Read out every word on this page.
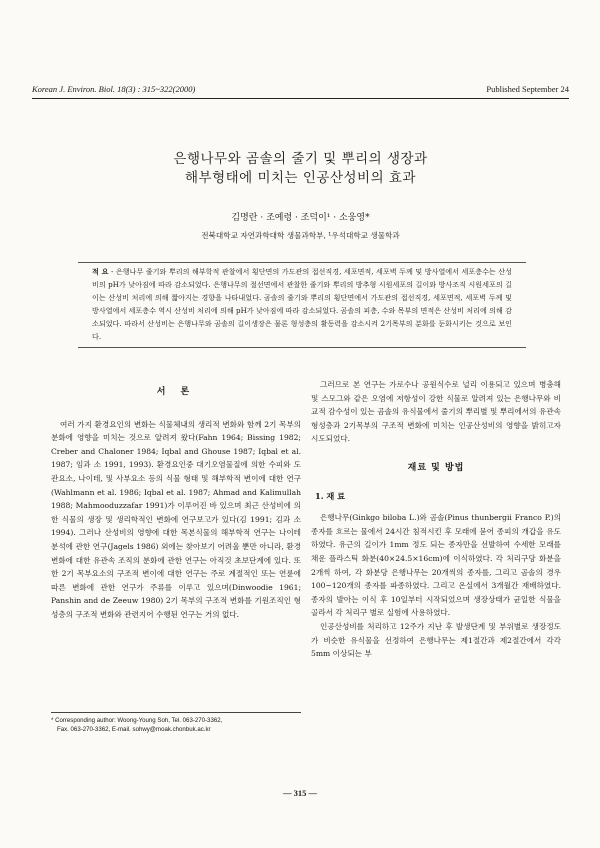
Korean J. Environ. Biol. 18(3) : 315~322(2000)	Published September 24
은행나무와 곰솔의 줄기 및 뿌리의 생장과
해부형태에 미치는 인공산성비의 효과
김명란 · 조예령 · 조덕이¹ · 소웅영*
전북대학교 자연과학대학 생물과학부, ¹우석대학교 생물학과
적 요 - 은행나무 줄기와 뿌리의 해부학적 관찰에서 횡단면의 가도관의 접선직경, 세포면적, 세포벽 두께 및 방사열에서 세포층수는 산성비의 pH가 낮아짐에 따라 감소되었다. 은행나무의 절선면에서 관찰한 줄기와 뿌리의 방추형 시원세포의 길이와 방사조직 시원세포의 길이는 산성비 처리에 의해 짧아지는 경향을 나타내었다. 곰솔의 줄기와 뿌리의 횡단면에서 가도관의 접선직경, 세포면적, 세포벽 두께 및 방사열에서 세포층수 역시 산성비 처리에 의해 pH가 낮아짐에 따라 감소되었다. 곰솔의 피층, 수와 목부의 면적은 산성비 처리에 의해 감소되었다. 따라서 산성비는 은행나무와 곰솔의 길이생장은 물론 형성층의 활동력을 감소시켜 2기목부의 분화를 둔화시키는 것으로 보인다.
서 론

여러 가지 환경요인의 변화는 식물체내의 생리적 변화와 함께 2기 목부의 분화에 영향을 미치는 것으로 알려져 왔다(Fahn 1964; Bissing 1982; Creber and Chaloner 1984; Iqbal and Ghouse 1987; Iqbal et al. 1987; 임과 소 1991, 1993). 환경요인중 대기오염물질에 의한 수피와 도관요소, 나이테, 및 사부요소 등의 식물 형태 및 해부학적 변이에 대한 연구(Wahlmann et al. 1986; Iqbal et al. 1987; Ahmad and Kalimullah 1988; Mahmooduzzafar 1991)가 이루어진 바 있으며 최근 산성비에 의한 식물의 생장 및 생리학적인 변화에 연구보고가 있다(김 1991; 김과 소 1994). 그러나 산성비의 영향에 대한 목본식물의 해부학적 연구는 나이테 분석에 관한 연구(Jagels 1986) 외에는 찾아보기 어려울 뿐만 아니라, 환경변화에 대한 유관속 조직의 분화에 관한 연구는 아직것 초보단계에 있다. 또한 2기 목부요소의 구조적 변이에 대한 연구는 주로 계절적인 또는 연륜에 따른 변화에 관한 연구가 주류를 이루고 있으며(Dinwoodie 1961; Panshin and de Zeeuw 1980) 2기 목부의 구조적 변화를 기원조직인 형성층의 구조적 변화와 관련지어 수행된 연구는 거의 없다.

그러므로 본 연구는 가로수나 공원식수로 널리 이용되고 있으며 병충해 및 스모그와 같은 오염에 저항성이 강한 식물로 알려져 있는 은행나무와 비교적 감수성이 있는 곰솔의 유식물에서 줄기의 뿌리별 및 뿌리에서의 유관속 형성층과 2기목부의 구조적 변화에 미치는 인공산성비의 영향을 밝히고자 시도되었다.

재료 및 방법
1. 재 료

은행나무(Ginkgo biloba L.)와 곰솔(Pinus thunbergii Franco P.)의 종자를 흐르는 물에서 24시간 침적시킨 후 모래에 묻어 종피의 개갑을 유도하였다. 유근의 길이가 1mm 정도 되는 종자만을 선발하여 수세한 모래를 채운 플라스틱 화분(40×24.5×16cm)에 이식하였다. 각 처리구당 화분을 2개씩 하여, 각 화분당 은행나무는 20개씩의 종자를, 그리고 곰솔의 경우 100~120개의 종자를 파종하였다. 그리고 온실에서 3개월간 재배하였다. 종자의 발아는 이식 후 10일부터 시작되었으며 생장상태가 균일한 식물을 골라서 각 처리구 별로 실험에 사용하였다.

인공산성비를 처리하고 12주가 지난 후 발생단계 및 부위별로 생장정도가 비슷한 유식물을 선정하여 은행나무는 제1절간과 제2절간에서 각각 5mm 이상되는 부

* Corresponding author: Woong-Young Soh, Tel. 063-270-3362,
Fax. 063-270-3362, E-mail. sohwy@moak.chonbuk.ac.kr
— 315 —
